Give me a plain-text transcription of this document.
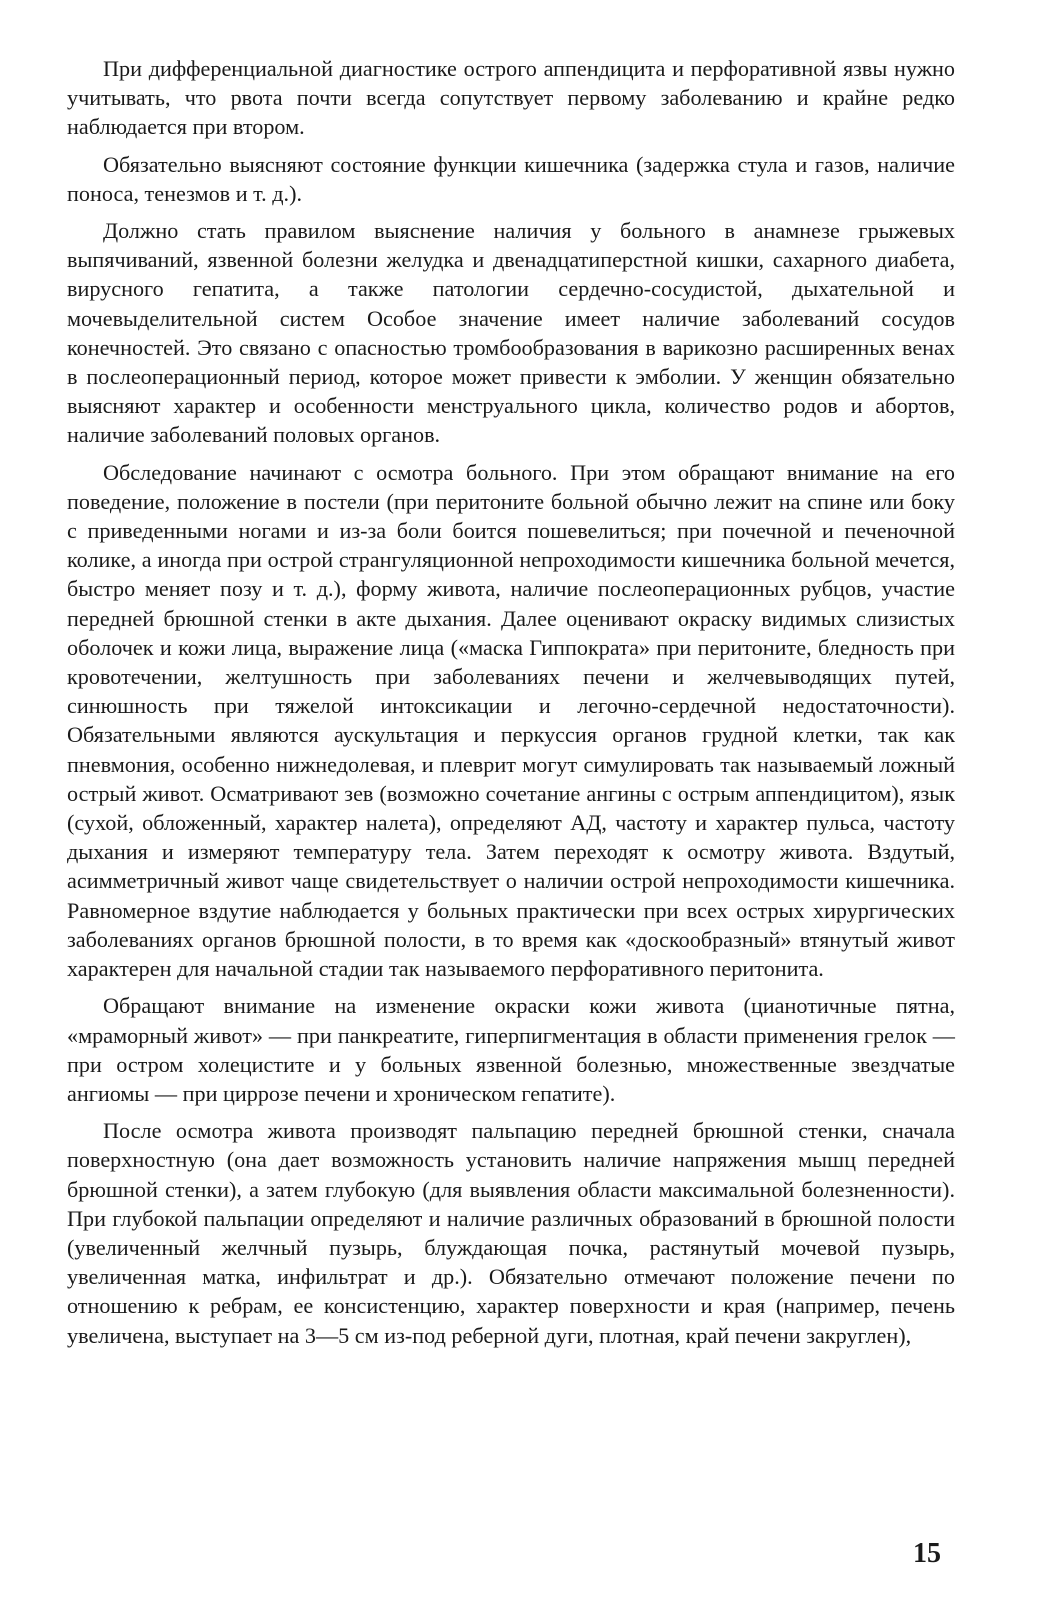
При дифференциальной диагностике острого аппендицита и перфоративной язвы нужно учитывать, что рвота почти всегда сопутствует первому заболеванию и крайне редко наблюдается при втором.

Обязательно выясняют состояние функции кишечника (задержка стула и газов, наличие поноса, тенезмов и т. д.).

Должно стать правилом выяснение наличия у больного в анамнезе грыжевых выпячиваний, язвенной болезни желудка и двенадцатиперстной кишки, сахарного диабета, вирусного гепатита, а также патологии сердечно-сосудистой, дыхательной и мочевыделительной систем Особое значение имеет наличие заболеваний сосудов конечностей. Это связано с опасностью тромбообразования в варикозно расширенных венах в послеоперационный период, которое может привести к эмболии. У женщин обязательно выясняют характер и особенности менструального цикла, количество родов и абортов, наличие заболеваний половых органов.

Обследование начинают с осмотра больного. При этом обращают внимание на его поведение, положение в постели (при перитоните больной обычно лежит на спине или боку с приведенными ногами и из-за боли боится пошевелиться; при почечной и печеночной колике, а иногда при острой странгуляционной непроходимости кишечника больной мечется, быстро меняет позу и т. д.), форму живота, наличие послеоперационных рубцов, участие передней брюшной стенки в акте дыхания. Далее оценивают окраску видимых слизистых оболочек и кожи лица, выражение лица («маска Гиппократа» при перитоните, бледность при кровотечении, желтушность при заболеваниях печени и желчевыводящих путей, синюшность при тяжелой интоксикации и легочно-сердечной недостаточности). Обязательными являются аускультация и перкуссия органов грудной клетки, так как пневмония, особенно нижнедолевая, и плеврит могут симулировать так называемый ложный острый живот. Осматривают зев (возможно сочетание ангины с острым аппендицитом), язык (сухой, обложенный, характер налета), определяют АД, частоту и характер пульса, частоту дыхания и измеряют температуру тела. Затем переходят к осмотру живота. Вздутый, асимметричный живот чаще свидетельствует о наличии острой непроходимости кишечника. Равномерное вздутие наблюдается у больных практически при всех острых хирургических заболеваниях органов брюшной полости, в то время как «доскообразный» втянутый живот характерен для начальной стадии так называемого перфоративного перитонита.

Обращают внимание на изменение окраски кожи живота (цианотичные пятна, «мраморный живот» — при панкреатите, гиперпигментация в области применения грелок — при остром холецистите и у больных язвенной болезнью, множественные звездчатые ангиомы — при циррозе печени и хроническом гепатите).

После осмотра живота производят пальпацию передней брюшной стенки, сначала поверхностную (она дает возможность установить наличие напряжения мышц передней брюшной стенки), а затем глубокую (для выявления области максимальной болезненности). При глубокой пальпации определяют и наличие различных образований в брюшной полости (увеличенный желчный пузырь, блуждающая почка, растянутый мочевой пузырь, увеличенная матка, инфильтрат и др.). Обязательно отмечают положение печени по отношению к ребрам, ее консистенцию, характер поверхности и края (например, печень увеличена, выступает на 3—5 см из-под реберной дуги, плотная, край печени закруглен),

15
